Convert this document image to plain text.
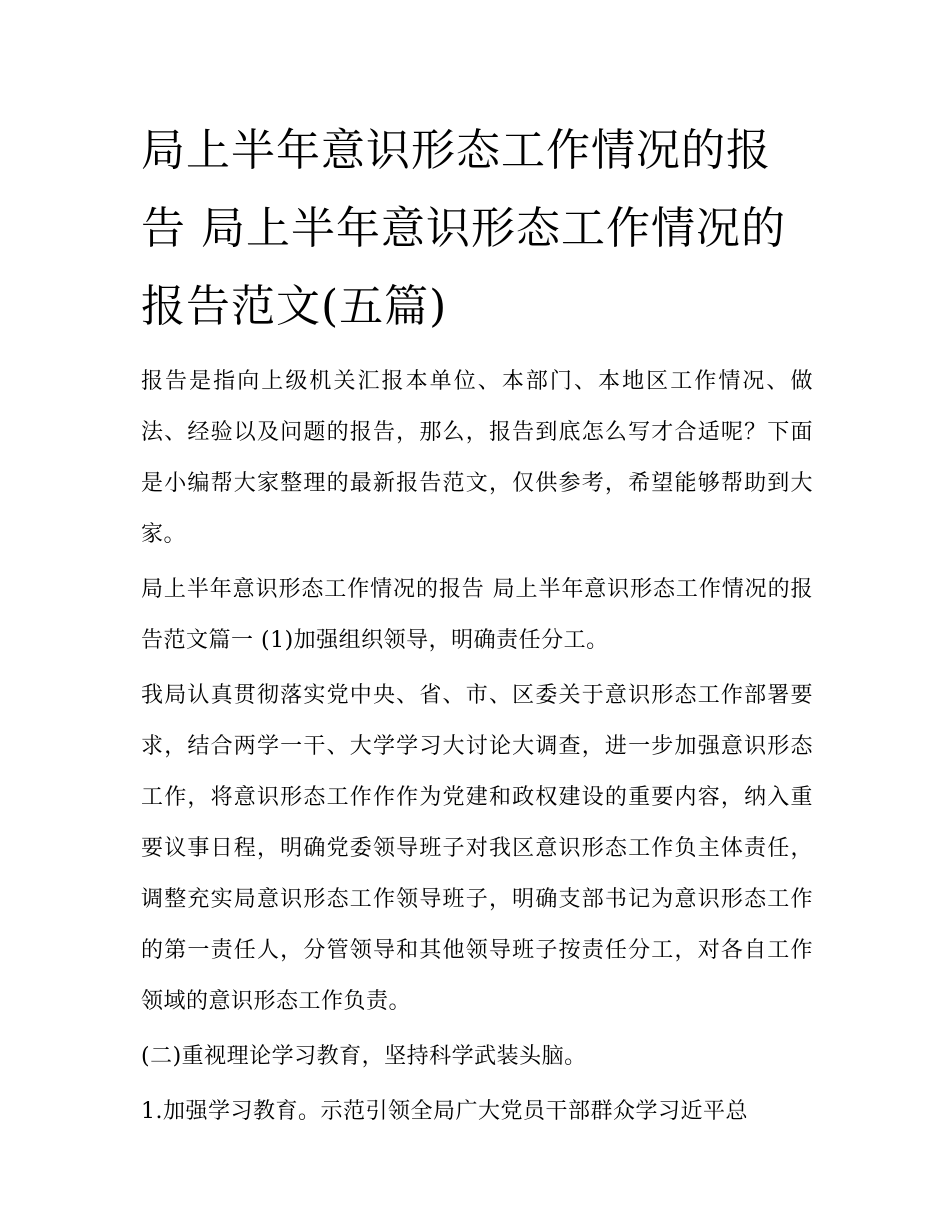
局上半年意识形态工作情况的报告 局上半年意识形态工作情况的报告范文(五篇)

报告是指向上级机关汇报本单位、本部门、本地区工作情况、做法、经验以及问题的报告，那么，报告到底怎么写才合适呢？下面是小编帮大家整理的最新报告范文，仅供参考，希望能够帮助到大家。

局上半年意识形态工作情况的报告 局上半年意识形态工作情况的报告范文篇一 (1)加强组织领导，明确责任分工。

我局认真贯彻落实党中央、省、市、区委关于意识形态工作部署要求，结合两学一干、大学学习大讨论大调查，进一步加强意识形态工作，将意识形态工作作作为党建和政权建设的重要内容，纳入重要议事日程，明确党委领导班子对我区意识形态工作负主体责任，调整充实局意识形态工作领导班子，明确支部书记为意识形态工作的第一责任人，分管领导和其他领导班子按责任分工，对各自工作领域的意识形态工作负责。

(二)重视理论学习教育，坚持科学武装头脑。

1.加强学习教育。示范引领全局广大党员干部群众学习近平总
